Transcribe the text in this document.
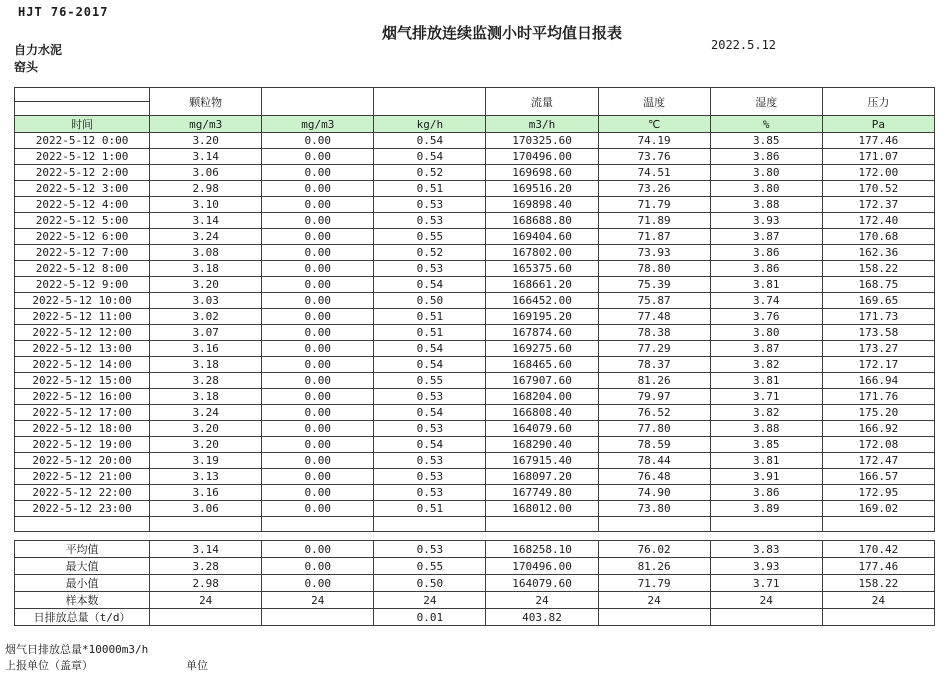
HJT 76-2017
烟气排放连续监测小时平均值日报表
2022.5.12
自力水泥
窑头
	颗粒物			流量	温度	湿度	压力

时间	mg/m3	mg/m3	kg/h	m3/h	℃	%	Pa
2022-5-12 0:00	3.20	0.00	0.54	170325.60	74.19	3.85	177.46
2022-5-12 1:00	3.14	0.00	0.54	170496.00	73.76	3.86	171.07
2022-5-12 2:00	3.06	0.00	0.52	169698.60	74.51	3.80	172.00
2022-5-12 3:00	2.98	0.00	0.51	169516.20	73.26	3.80	170.52
2022-5-12 4:00	3.10	0.00	0.53	169898.40	71.79	3.88	172.37
2022-5-12 5:00	3.14	0.00	0.53	168688.80	71.89	3.93	172.40
2022-5-12 6:00	3.24	0.00	0.55	169404.60	71.87	3.87	170.68
2022-5-12 7:00	3.08	0.00	0.52	167802.00	73.93	3.86	162.36
2022-5-12 8:00	3.18	0.00	0.53	165375.60	78.80	3.86	158.22
2022-5-12 9:00	3.20	0.00	0.54	168661.20	75.39	3.81	168.75
2022-5-12 10:00	3.03	0.00	0.50	166452.00	75.87	3.74	169.65
2022-5-12 11:00	3.02	0.00	0.51	169195.20	77.48	3.76	171.73
2022-5-12 12:00	3.07	0.00	0.51	167874.60	78.38	3.80	173.58
2022-5-12 13:00	3.16	0.00	0.54	169275.60	77.29	3.87	173.27
2022-5-12 14:00	3.18	0.00	0.54	168465.60	78.37	3.82	172.17
2022-5-12 15:00	3.28	0.00	0.55	167907.60	81.26	3.81	166.94
2022-5-12 16:00	3.18	0.00	0.53	168204.00	79.97	3.71	171.76
2022-5-12 17:00	3.24	0.00	0.54	166808.40	76.52	3.82	175.20
2022-5-12 18:00	3.20	0.00	0.53	164079.60	77.80	3.88	166.92
2022-5-12 19:00	3.20	0.00	0.54	168290.40	78.59	3.85	172.08
2022-5-12 20:00	3.19	0.00	0.53	167915.40	78.44	3.81	172.47
2022-5-12 21:00	3.13	0.00	0.53	168097.20	76.48	3.91	166.57
2022-5-12 22:00	3.16	0.00	0.53	167749.80	74.90	3.86	172.95
2022-5-12 23:00	3.06	0.00	0.51	168012.00	73.80	3.89	169.02

平均值	3.14	0.00	0.53	168258.10	76.02	3.83	170.42
最大值	3.28	0.00	0.55	170496.00	81.26	3.93	177.46
最小值	2.98	0.00	0.50	164079.60	71.79	3.71	158.22
样本数	24	24	24	24	24	24	24
日排放总量（t/d）			0.01	403.82			
烟气日排放总量*10000m3/h
上报单位（盖章）	单位
